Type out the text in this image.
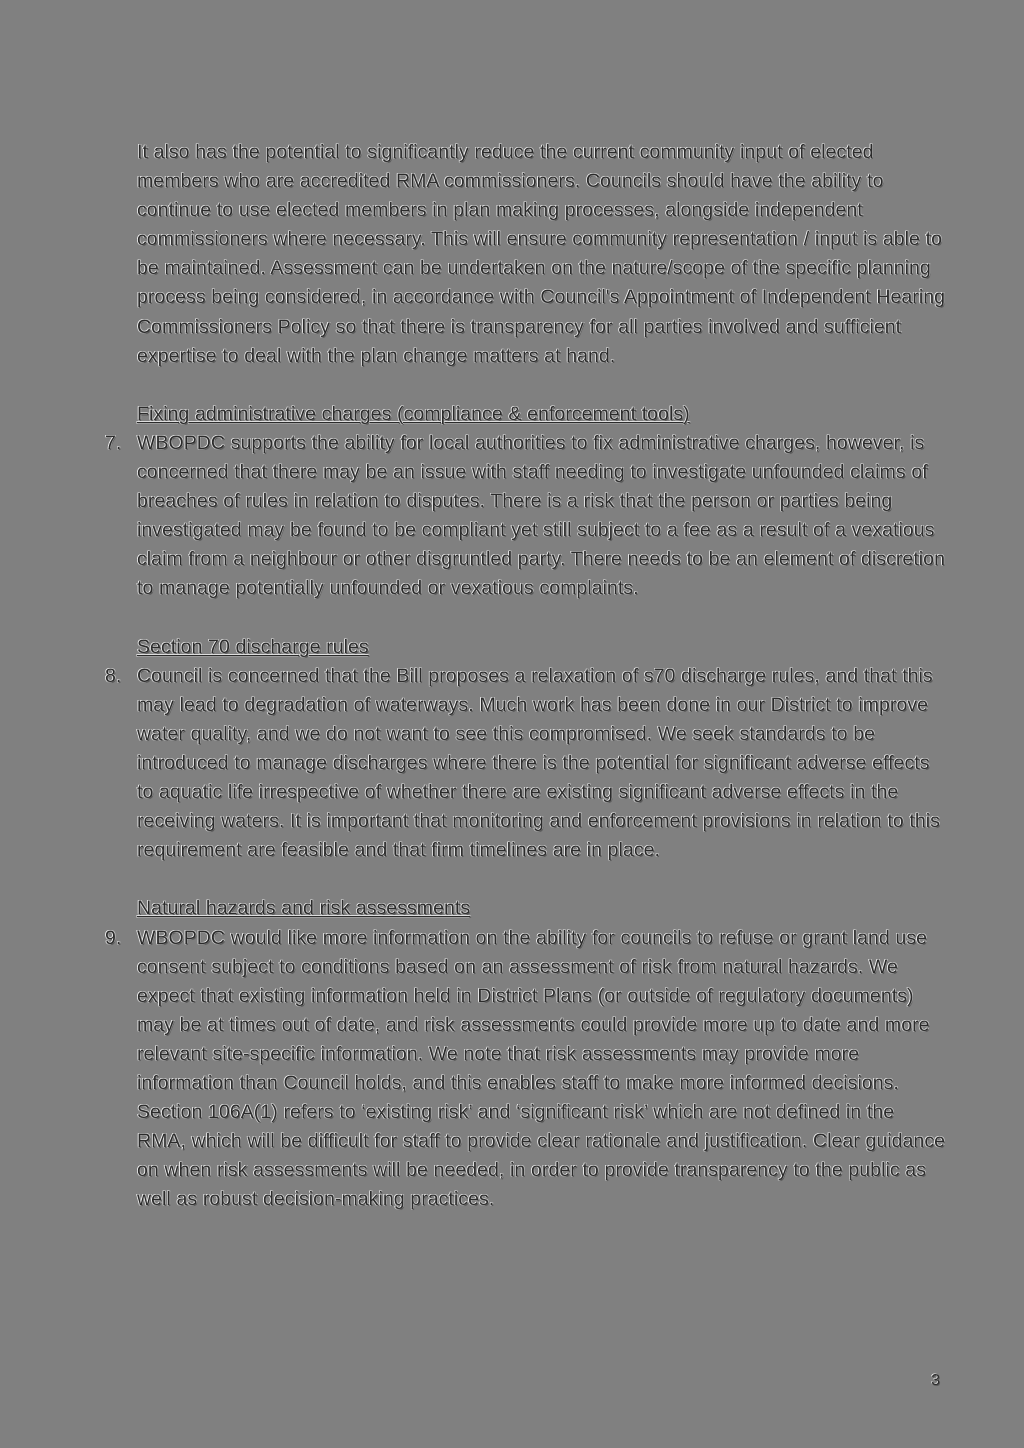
It also has the potential to significantly reduce the current community input of elected members who are accredited RMA commissioners. Councils should have the ability to continue to use elected members in plan making processes, alongside independent commissioners where necessary. This will ensure community representation / input is able to be maintained. Assessment can be undertaken on the nature/scope of the specific planning process being considered, in accordance with Council's Appointment of Independent Hearing Commissioners Policy so that there is transparency for all parties involved and sufficient expertise to deal with the plan change matters at hand.

Fixing administrative charges (compliance & enforcement tools)

7. WBOPDC supports the ability for local authorities to fix administrative charges, however, is concerned that there may be an issue with staff needing to investigate unfounded claims of breaches of rules in relation to disputes. There is a risk that the person or parties being investigated may be found to be compliant yet still subject to a fee as a result of a vexatious claim from a neighbour or other disgruntled party. There needs to be an element of discretion to manage potentially unfounded or vexatious complaints.

Section 70 discharge rules

8. Council is concerned that the Bill proposes a relaxation of s70 discharge rules, and that this may lead to degradation of waterways. Much work has been done in our District to improve water quality, and we do not want to see this compromised. We seek standards to be introduced to manage discharges where there is the potential for significant adverse effects to aquatic life irrespective of whether there are existing significant adverse effects in the receiving waters. It is important that monitoring and enforcement provisions in relation to this requirement are feasible and that firm timelines are in place.

Natural hazards and risk assessments

9. WBOPDC would like more information on the ability for councils to refuse or grant land use consent subject to conditions based on an assessment of risk from natural hazards. We expect that existing information held in District Plans (or outside of regulatory documents) may be at times out of date, and risk assessments could provide more up to date and more relevant site-specific information. We note that risk assessments may provide more information than Council holds, and this enables staff to make more informed decisions. Section 106A(1) refers to ‘existing risk’ and ‘significant risk’ which are not defined in the RMA, which will be difficult for staff to provide clear rationale and justification. Clear guidance on when risk assessments will be needed, in order to provide transparency to the public as well as robust decision-making practices.
3
